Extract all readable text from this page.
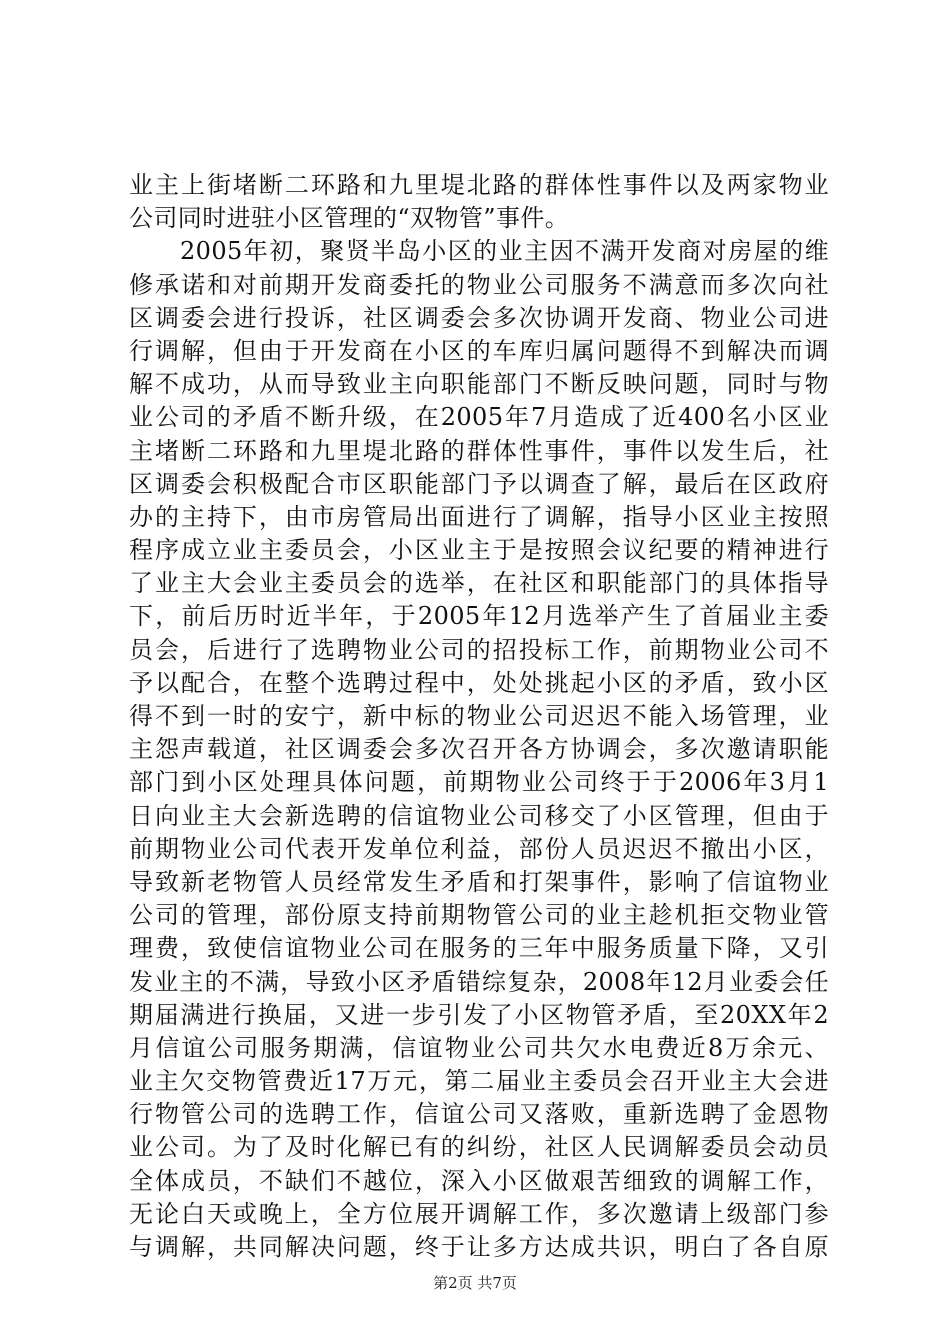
业主上街堵断二环路和九里堤北路的群体性事件以及两家物业
公司同时进驻小区管理的“双物管”事件。
　　2005年初，聚贤半岛小区的业主因不满开发商对房屋的维
修承诺和对前期开发商委托的物业公司服务不满意而多次向社
区调委会进行投诉，社区调委会多次协调开发商、物业公司进
行调解，但由于开发商在小区的车库归属问题得不到解决而调
解不成功，从而导致业主向职能部门不断反映问题，同时与物
业公司的矛盾不断升级，在2005年7月造成了近400名小区业
主堵断二环路和九里堤北路的群体性事件，事件以发生后，社
区调委会积极配合市区职能部门予以调查了解，最后在区政府
办的主持下，由市房管局出面进行了调解，指导小区业主按照
程序成立业主委员会，小区业主于是按照会议纪要的精神进行
了业主大会业主委员会的选举，在社区和职能部门的具体指导
下，前后历时近半年，于2005年12月选举产生了首届业主委
员会，后进行了选聘物业公司的招投标工作，前期物业公司不
予以配合，在整个选聘过程中，处处挑起小区的矛盾，致小区
得不到一时的安宁，新中标的物业公司迟迟不能入场管理，业
主怨声载道，社区调委会多次召开各方协调会，多次邀请职能
部门到小区处理具体问题，前期物业公司终于于2006年3月1
日向业主大会新选聘的信谊物业公司移交了小区管理，但由于
前期物业公司代表开发单位利益，部份人员迟迟不撤出小区，
导致新老物管人员经常发生矛盾和打架事件，影响了信谊物业
公司的管理，部份原支持前期物管公司的业主趁机拒交物业管
理费，致使信谊物业公司在服务的三年中服务质量下降，又引
发业主的不满，导致小区矛盾错综复杂，2008年12月业委会任
期届满进行换届，又进一步引发了小区物管矛盾，至20XX年2
月信谊公司服务期满，信谊物业公司共欠水电费近8万余元、
业主欠交物管费近17万元，第二届业主委员会召开业主大会进
行物管公司的选聘工作，信谊公司又落败，重新选聘了金恩物
业公司。为了及时化解已有的纠纷，社区人民调解委员会动员
全体成员，不缺们不越位，深入小区做艰苦细致的调解工作，
无论白天或晚上，全方位展开调解工作，多次邀请上级部门参
与调解，共同解决问题，终于让多方达成共识，明白了各自原
第2页 共7页
